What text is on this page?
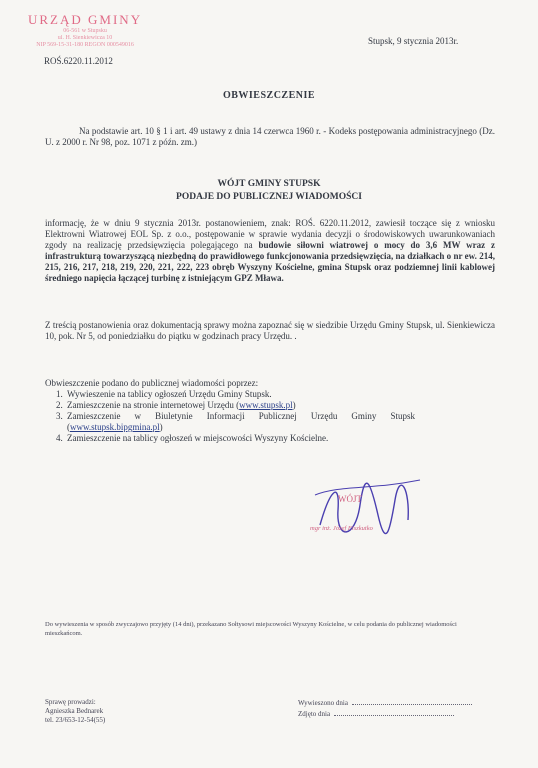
URZĄD GMINY
06-561 w Stupsku
ul. H. Sienkiewicza 10
NIP 569-15-31-180 REGON 000549016
ROŚ.6220.11.2012
Stupsk, 9 stycznia 2013r.
OBWIESZCZENIE
Na podstawie art. 10 § 1 i art. 49 ustawy z dnia 14 czerwca 1960 r. - Kodeks postępowania administracyjnego (Dz. U. z 2000 r. Nr 98, poz. 1071 z późn. zm.)
WÓJT GMINY STUPSK
PODAJE DO PUBLICZNEJ WIADOMOŚCI
informację, że w dniu 9 stycznia 2013r. postanowieniem, znak: ROŚ. 6220.11.2012, zawiesił toczące się z wniosku Elektrowni Wiatrowej EOL Sp. z o.o., postępowanie w sprawie wydania decyzji o środowiskowych uwarunkowaniach zgody na realizację przedsięwzięcia polegającego na budowie siłowni wiatrowej o mocy do 3,6 MW wraz z infrastrukturą towarzyszącą niezbędną do prawidłowego funkcjonowania przedsięwzięcia, na działkach o nr ew. 214, 215, 216, 217, 218, 219, 220, 221, 222, 223 obręb Wyszyny Kościelne, gmina Stupsk oraz podziemnej linii kablowej średniego napięcia łączącej turbinę z istniejącym GPZ Mława.
Z treścią postanowienia oraz dokumentacją sprawy można zapoznać się w siedzibie Urzędu Gminy Stupsk, ul. Sienkiewicza 10, pok. Nr 5, od poniedziałku do piątku w godzinach pracy Urzędu. .
Obwieszczenie podano do publicznej wiadomości poprzez:
1. Wywieszenie na tablicy ogłoszeń Urzędu Gminy Stupsk.
2. Zamieszczenie na stronie internetowej Urzędu (www.stupsk.pl)
3. Zamieszczenie w Biuletynie Informacji Publicznej Urzędu Gminy Stupsk
(www.stupsk.bipgmina.pl)
4. Zamieszczenie na tablicy ogłoszeń w miejscowości Wyszyny Kościelne.
WÓJT
mgr inż. Józef Fiszkutko
Do wywieszenia w sposób zwyczajowo przyjęty (14 dni), przekazano Sołtysowi miejscowości Wyszyny Kościelne, w celu podania do publicznej wiadomości mieszkańcom.
Sprawę prowadzi:
Agnieszka Bednarek
tel. 23/653-12-54(55)
Wywieszono dnia
Zdjęto dnia
